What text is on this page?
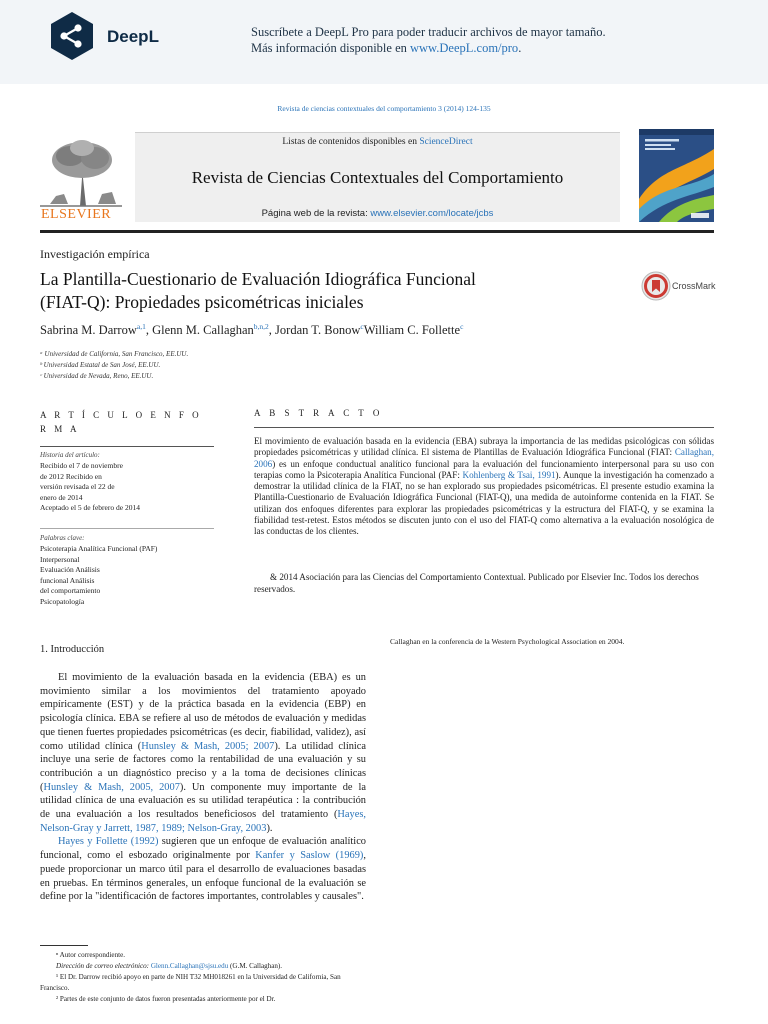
DeepL	Suscríbete a DeepL Pro para poder traducir archivos de mayor tamaño.
Más información disponible en www.DeepL.com/pro.
Revista de ciencias contextuales del comportamiento 3 (2014) 124-135
ELSEVIER
Listas de contenidos disponibles en ScienceDirect
Revista de Ciencias Contextuales del Comportamiento
Página web de la revista: www.elsevier.com/locate/jcbs
Investigación empírica
La Plantilla-Cuestionario de Evaluación Idiográfica Funcional
(FIAT-Q): Propiedades psicométricas iniciales
CrossMark
Sabrina M. Darrow$^{a,1}$, Glenn M. Callaghan$^{b,n,2}$, Jordan T. Bonow$^c$William C. Follette$^c$
ᵃ Universidad de California, San Francisco, EE.UU.
ᵇ Universidad Estatal de San José, EE.UU.
ᶜ Universidad de Nevada, Reno, EE.UU.
A R T Í C U L O E N F O R M A
Historia del artículo:
Recibido el 7 de noviembre
de 2012 Recibido en
versión revisada el 22 de
enero de 2014
Aceptado el 5 de febrero de 2014
Palabras clave:
Psicoterapia Analítica Funcional (PAF)
Interpersonal
Evaluación Análisis
funcional Análisis
del comportamiento
Psicopatología
A B S T R A C T O
El movimiento de evaluación basada en la evidencia (EBA) subraya la importancia de las medidas psicológicas con sólidas propiedades psicométricas y utilidad clínica. El sistema de Plantillas de Evaluación Idiográfica Funcional (FIAT: Callaghan, 2006) es un enfoque conductual analítico funcional para la evaluación del funcionamiento interpersonal para su uso con terapias como la Psicoterapia Analítica Funcional (PAF: Kohlenberg & Tsai, 1991). Aunque la investigación ha comenzado a demostrar la utilidad clínica de la FIAT, no se han explorado sus propiedades psicométricas. El presente estudio examina la Plantilla-Cuestionario de Evaluación Idiográfica Funcional (FIAT-Q), una medida de autoinforme contenida en la FIAT. Se utilizan dos enfoques diferentes para explorar las propiedades psicométricas y la estructura del FIAT-Q, y se examina la fiabilidad test-retest. Estos métodos se discuten junto con el uso del FIAT-Q como alternativa a la evaluación nosológica de las conductas de los clientes.
& 2014 Asociación para las Ciencias del Comportamiento Contextual. Publicado por Elsevier Inc. Todos los derechos reservados.
1. Introducción
Callaghan en la conferencia de la Western Psychological Association en 2004.

El movimiento de la evaluación basada en la evidencia (EBA) es un movimiento similar a los movimientos del tratamiento apoyado empíricamente (EST) y de la práctica basada en la evidencia (EBP) en psicología clínica. EBA se refiere al uso de métodos de evaluación y medidas que tienen fuertes propiedades psicométricas (es decir, fiabilidad, validez), así como utilidad clínica (Hunsley & Mash, 2005; 2007). La utilidad clínica incluye una serie de factores como la rentabilidad de una evaluación y su contribución a un diagnóstico preciso y a la toma de decisiones clínicas (Hunsley & Mash, 2005, 2007). Un componente muy importante de la utilidad clínica de una evaluación es su utilidad terapéutica : la contribución de una evaluación a los resultados beneficiosos del tratamiento (Hayes, Nelson-Gray y Jarrett, 1987, 1989; Nelson-Gray, 2003).

Hayes y Follette (1992) sugieren que un enfoque de evaluación analítico funcional, como el esbozado originalmente por Kanfer y Saslow (1969), puede proporcionar un marco útil para el desarrollo de evaluaciones basadas en pruebas. En términos generales, un enfoque funcional de la evaluación se define por la "identificación de factores importantes, controlables y causales".

ⁿ Autor correspondiente.
Dirección de correo electrónico: Glenn.Callaghan@sjsu.edu (G.M. Callaghan).
¹ El Dr. Darrow recibió apoyo en parte de NIH T32 MH018261 en la Universidad de California, San Francisco.
² Partes de este conjunto de datos fueron presentadas anteriormente por el Dr.
